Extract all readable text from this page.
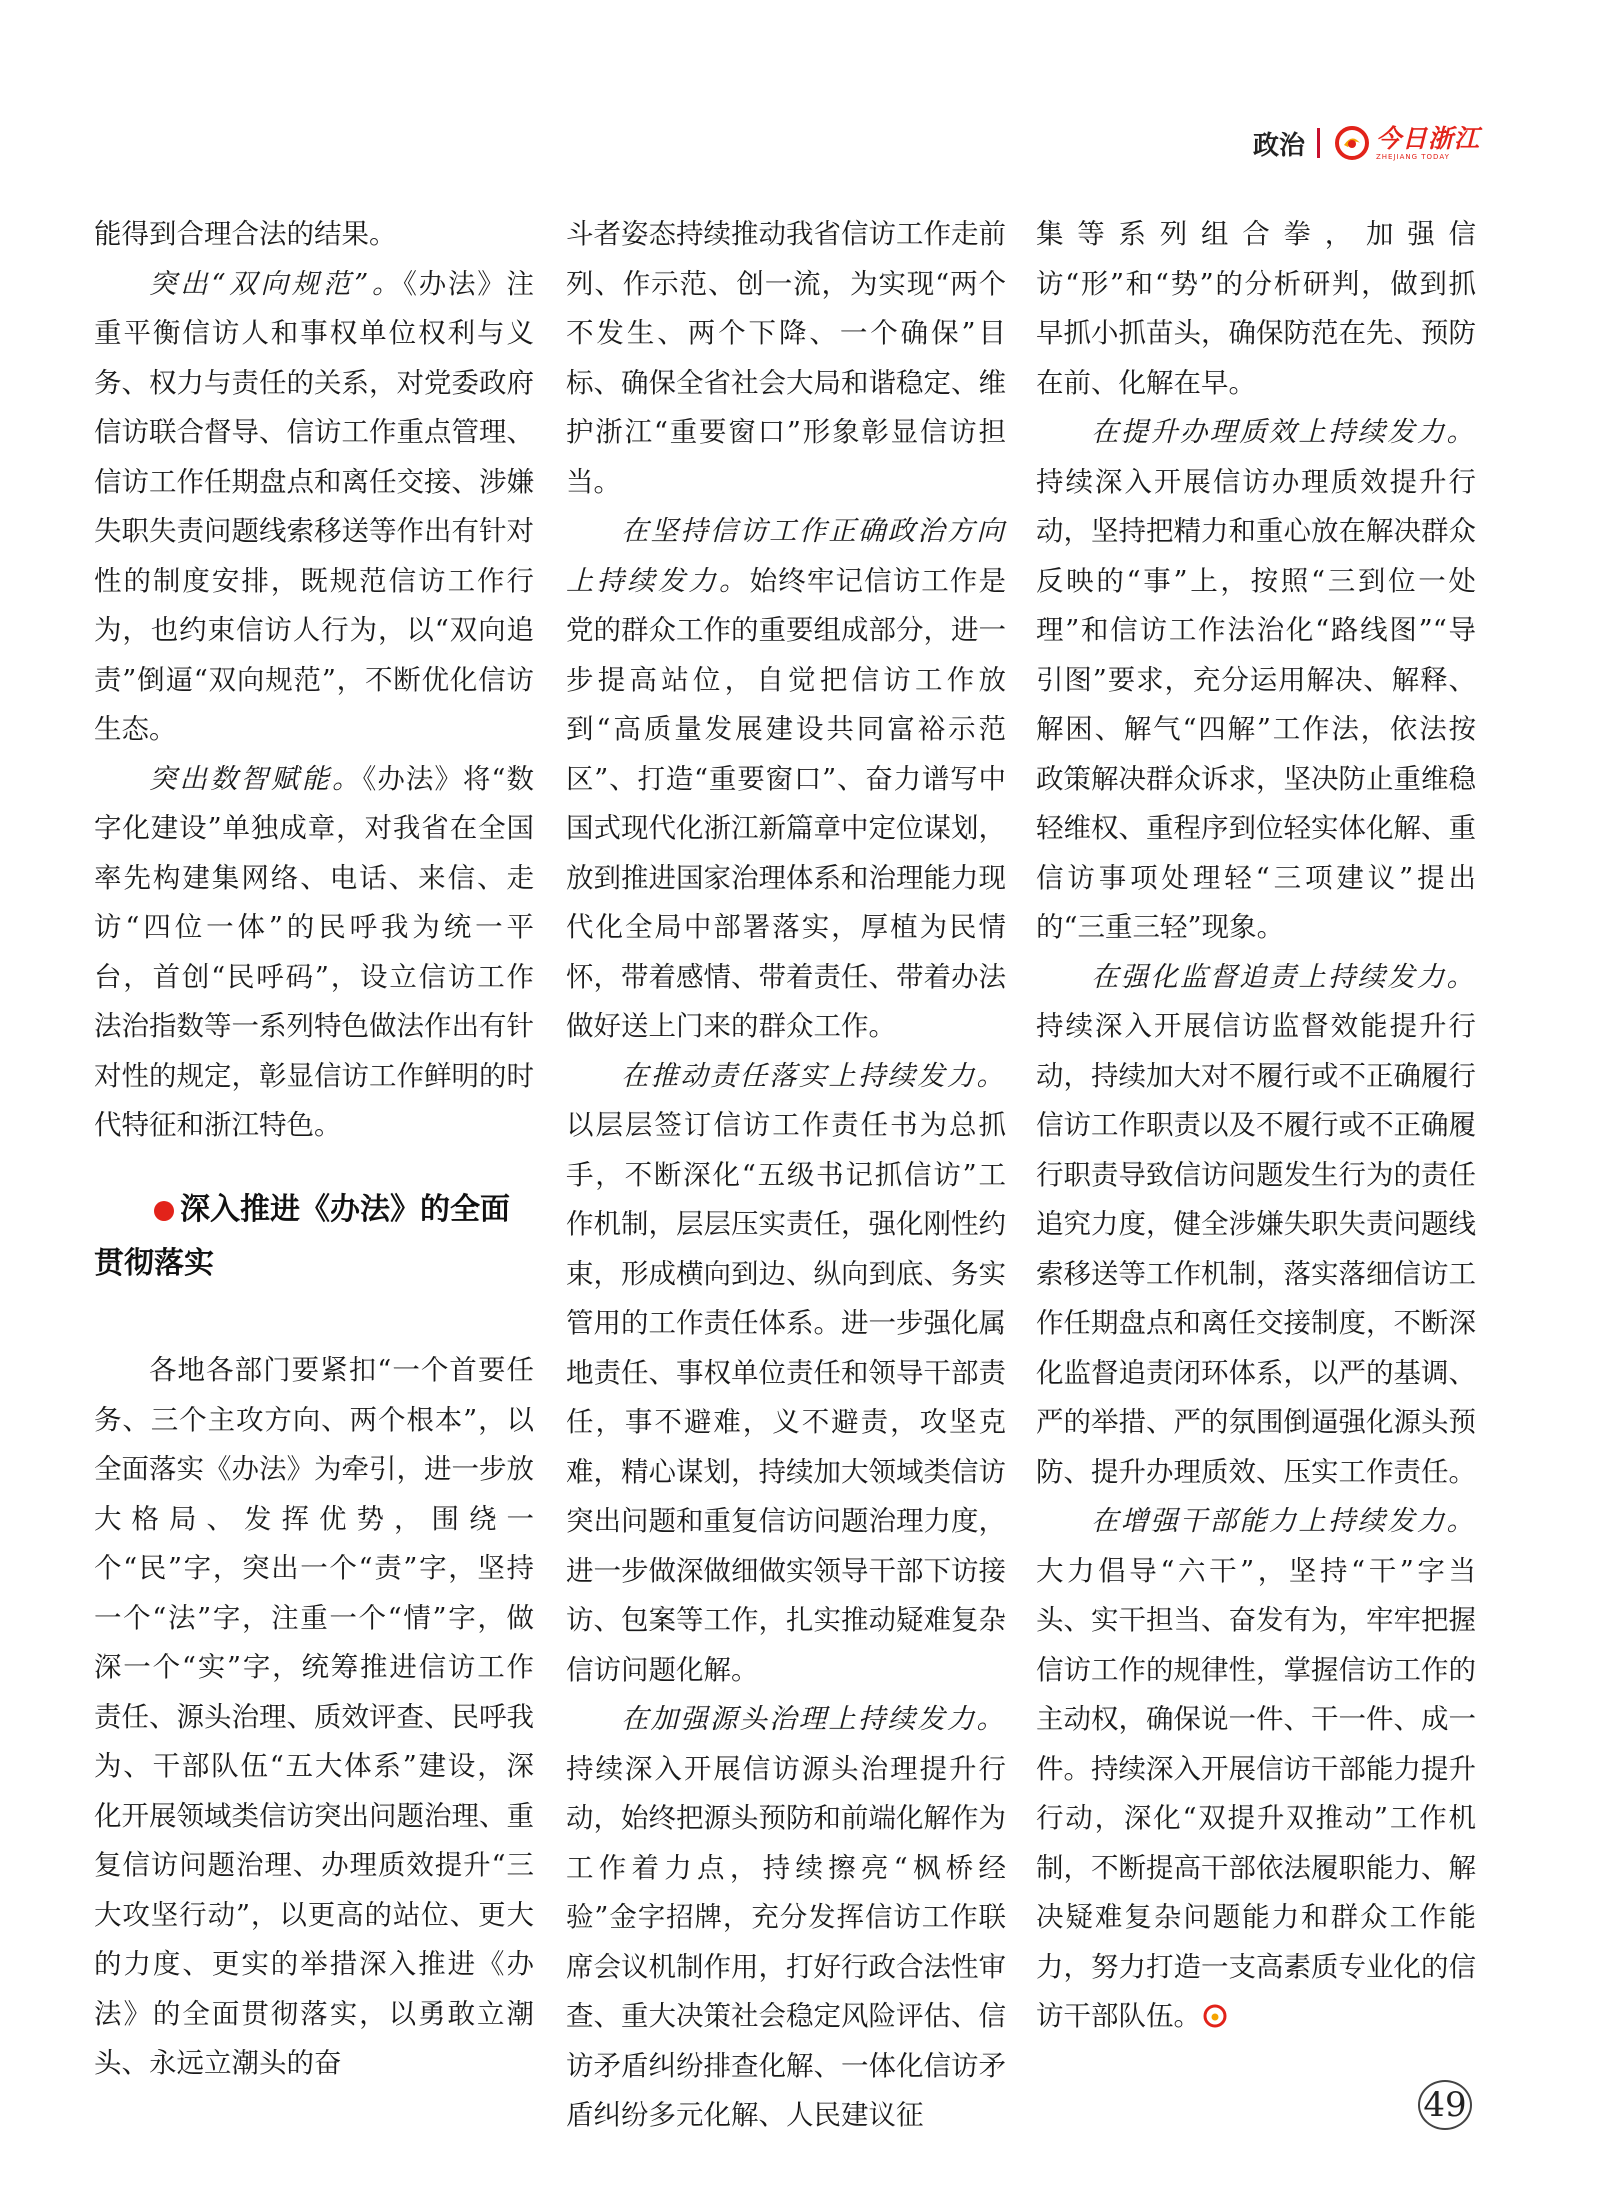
政治	今日浙江
ZHEJIANG TODAY

能得到合理合法的结果。

突出“双向规范”。《办法》注重平衡信访人和事权单位权利与义务、权力与责任的关系，对党委政府信访联合督导、信访工作重点管理、信访工作任期盘点和离任交接、涉嫌失职失责问题线索移送等作出有针对性的制度安排，既规范信访工作行为，也约束信访人行为，以“双向追责”倒逼“双向规范”，不断优化信访生态。

突出数智赋能。《办法》将“数字化建设”单独成章，对我省在全国率先构建集网络、电话、来信、走访“四位一体”的民呼我为统一平台，首创“民呼码”，设立信访工作法治指数等一系列特色做法作出有针对性的规定，彰显信访工作鲜明的时代特征和浙江特色。

深入推进《办法》的全面贯彻落实

各地各部门要紧扣“一个首要任务、三个主攻方向、两个根本”，以全面落实《办法》为牵引，进一步放大格局、发挥优势，围绕一个“民”字，突出一个“责”字，坚持一个“法”字，注重一个“情”字，做深一个“实”字，统筹推进信访工作责任、源头治理、质效评查、民呼我为、干部队伍“五大体系”建设，深化开展领域类信访突出问题治理、重复信访问题治理、办理质效提升“三大攻坚行动”，以更高的站位、更大的力度、更实的举措深入推进《办法》的全面贯彻落实，以勇敢立潮头、永远立潮头的奋

斗者姿态持续推动我省信访工作走前列、作示范、创一流，为实现“两个不发生、两个下降、一个确保”目标、确保全省社会大局和谐稳定、维护浙江“重要窗口”形象彰显信访担当。

在坚持信访工作正确政治方向上持续发力。始终牢记信访工作是党的群众工作的重要组成部分，进一步提高站位，自觉把信访工作放到“高质量发展建设共同富裕示范区”、打造“重要窗口”、奋力谱写中国式现代化浙江新篇章中定位谋划，放到推进国家治理体系和治理能力现代化全局中部署落实，厚植为民情怀，带着感情、带着责任、带着办法做好送上门来的群众工作。

在推动责任落实上持续发力。以层层签订信访工作责任书为总抓手，不断深化“五级书记抓信访”工作机制，层层压实责任，强化刚性约束，形成横向到边、纵向到底、务实管用的工作责任体系。进一步强化属地责任、事权单位责任和领导干部责任，事不避难，义不避责，攻坚克难，精心谋划，持续加大领域类信访突出问题和重复信访问题治理力度，进一步做深做细做实领导干部下访接访、包案等工作，扎实推动疑难复杂信访问题化解。

在加强源头治理上持续发力。持续深入开展信访源头治理提升行动，始终把源头预防和前端化解作为工作着力点，持续擦亮“枫桥经验”金字招牌，充分发挥信访工作联席会议机制作用，打好行政合法性审查、重大决策社会稳定风险评估、信访矛盾纠纷排查化解、一体化信访矛盾纠纷多元化解、人民建议征

集等系列组合拳，加强信访“形”和“势”的分析研判，做到抓早抓小抓苗头，确保防范在先、预防在前、化解在早。

在提升办理质效上持续发力。持续深入开展信访办理质效提升行动，坚持把精力和重心放在解决群众反映的“事”上，按照“三到位一处理”和信访工作法治化“路线图”“导引图”要求，充分运用解决、解释、解困、解气“四解”工作法，依法按政策解决群众诉求，坚决防止重维稳轻维权、重程序到位轻实体化解、重信访事项处理轻“三项建议”提出的“三重三轻”现象。

在强化监督追责上持续发力。持续深入开展信访监督效能提升行动，持续加大对不履行或不正确履行信访工作职责以及不履行或不正确履行职责导致信访问题发生行为的责任追究力度，健全涉嫌失职失责问题线索移送等工作机制，落实落细信访工作任期盘点和离任交接制度，不断深化监督追责闭环体系，以严的基调、严的举措、严的氛围倒逼强化源头预防、提升办理质效、压实工作责任。

在增强干部能力上持续发力。大力倡导“六干”，坚持“干”字当头、实干担当、奋发有为，牢牢把握信访工作的规律性，掌握信访工作的主动权，确保说一件、干一件、成一件。持续深入开展信访干部能力提升行动，深化“双提升双推动”工作机制，不断提高干部依法履职能力、解决疑难复杂问题能力和群众工作能力，努力打造一支高素质专业化的信访干部队伍。

49
